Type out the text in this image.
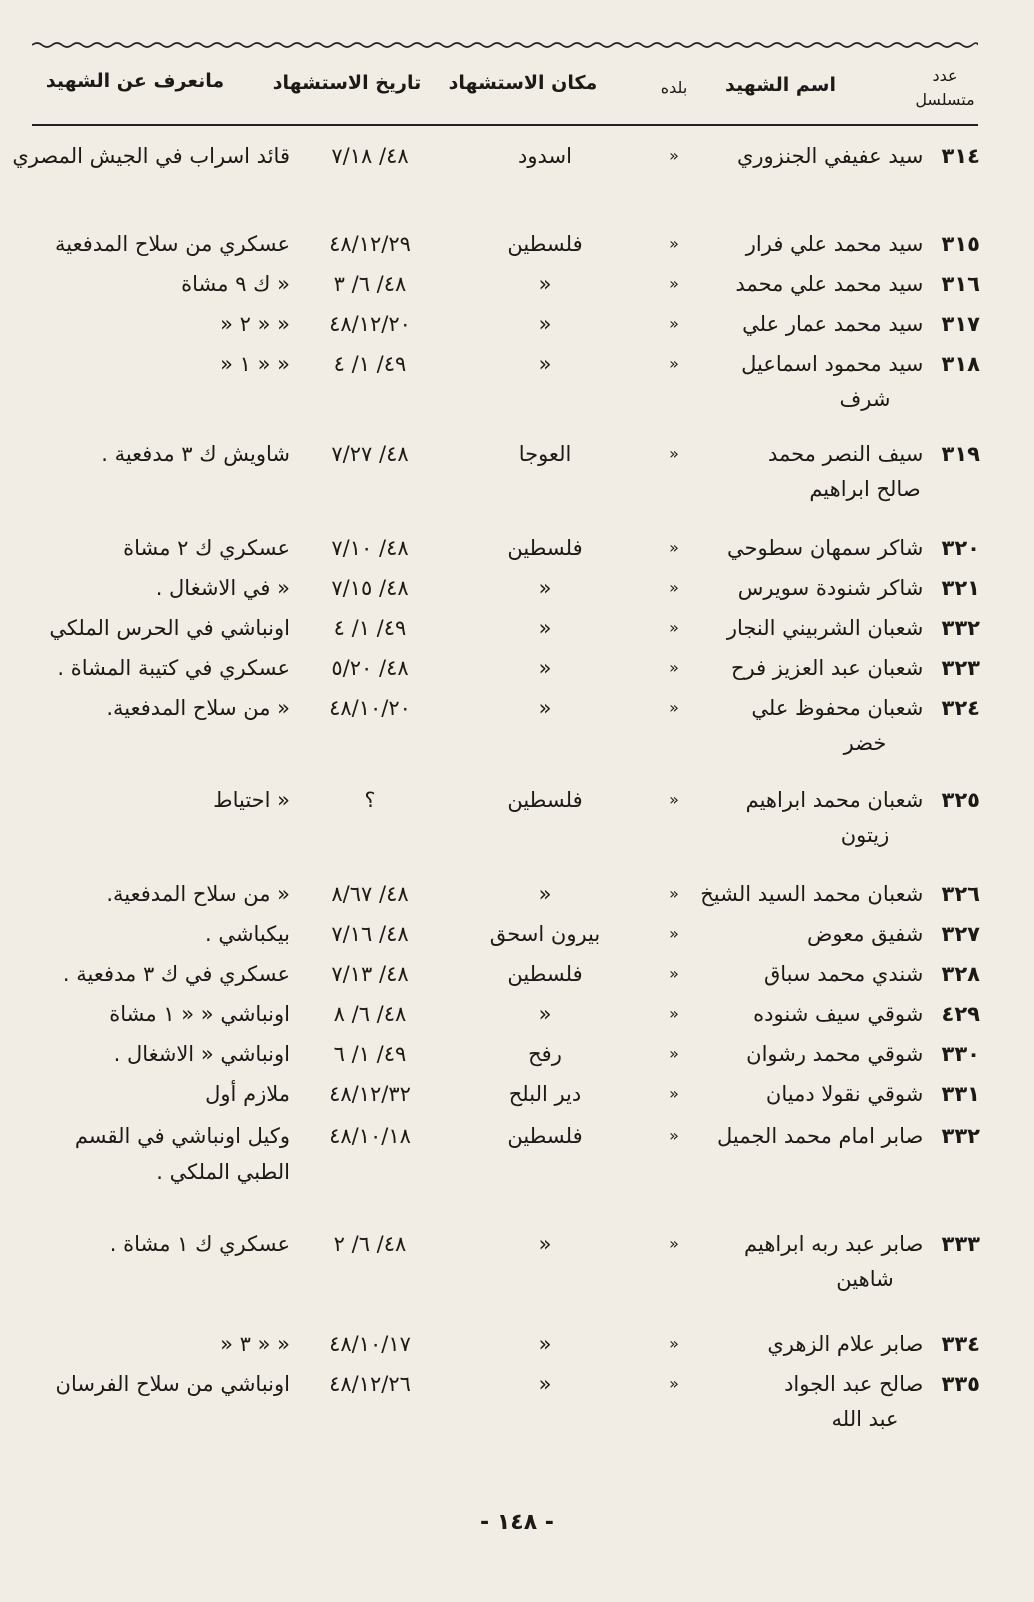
عدد
متسلسل
اسم الشهيد
بلده
مكان الاستشهاد
تاريخ الاستشهاد
مانعرف عن الشهيد
٣١٤ سيد عفيفي الجنزوري
«
اسدود
٤٨/ ٧/١٨
قائد اسراب في الجيش المصري
٣١٥ سيد محمد علي فرار
«
فلسطين
٤٨/١٢/٢٩
عسكري من سلاح المدفعية
٣١٦ سيد محمد علي محمد
«
«
٤٨/ ٦/ ٣
« ك ٩ مشاة
٣١٧ سيد محمد عمار علي
«
«
٤٨/١٢/٢٠
« « ٢ «
٣١٨ سيد محمود اسماعيل
شرف
«
«
٤٩/ ١/ ٤
« « ١ «
٣١٩ سيف النصر محمد
صالح ابراهيم
«
العوجا
٤٨/ ٧/٢٧
شاويش ك ٣ مدفعية .
٣٢٠ شاكر سمهان سطوحي
«
فلسطين
٤٨/ ٧/١٠
عسكري ك ٢ مشاة
٣٢١ شاكر شنودة سويرس
«
«
٤٨/ ٧/١٥
« في الاشغال .
٣٣٢ شعبان الشربيني النجار
«
«
٤٩/ ١/ ٤
اونباشي في الحرس الملكي
٣٢٣ شعبان عبد العزيز فرح
«
«
٤٨/ ٥/٢٠
عسكري في كتيبة المشاة .
٣٢٤ شعبان محفوظ علي
خضر
«
«
٤٨/١٠/٢٠
« من سلاح المدفعية.
٣٢٥ شعبان محمد ابراهيم
زيتون
«
فلسطين
؟
« احتياط
٣٢٦ شعبان محمد السيد الشيخ
«
«
٤٨/ ٨/٦٧
« من سلاح المدفعية.
٣٢٧ شفيق معوض
«
بيرون اسحق
٤٨/ ٧/١٦
بيكباشي .
٣٢٨ شندي محمد سباق
«
فلسطين
٤٨/ ٧/١٣
عسكري في ك ٣ مدفعية .
٤٢٩ شوقي سيف شنوده
«
«
٤٨/ ٦/ ٨
اونباشي « « ١ مشاة
٣٣٠ شوقي محمد رشوان
«
رفح
٤٩/ ١/ ٦
اونباشي « الاشغال .
٣٣١ شوقي نقولا دميان
«
دير البلح
٤٨/١٢/٣٢
ملازم أول
٣٣٢ صابر امام محمد الجميل
«
فلسطين
٤٨/١٠/١٨
وكيل اونباشي في القسم
الطبي الملكي .
٣٣٣ صابر عبد ربه ابراهيم
شاهين
«
«
٤٨/ ٦/ ٢
عسكري ك ١ مشاة .
٣٣٤ صابر علام الزهري
«
«
٤٨/١٠/١٧
« « ٣ «
٣٣٥ صالح عبد الجواد
عبد الله
«
«
٤٨/١٢/٢٦
اونباشي من سلاح الفرسان
- ١٤٨ -
